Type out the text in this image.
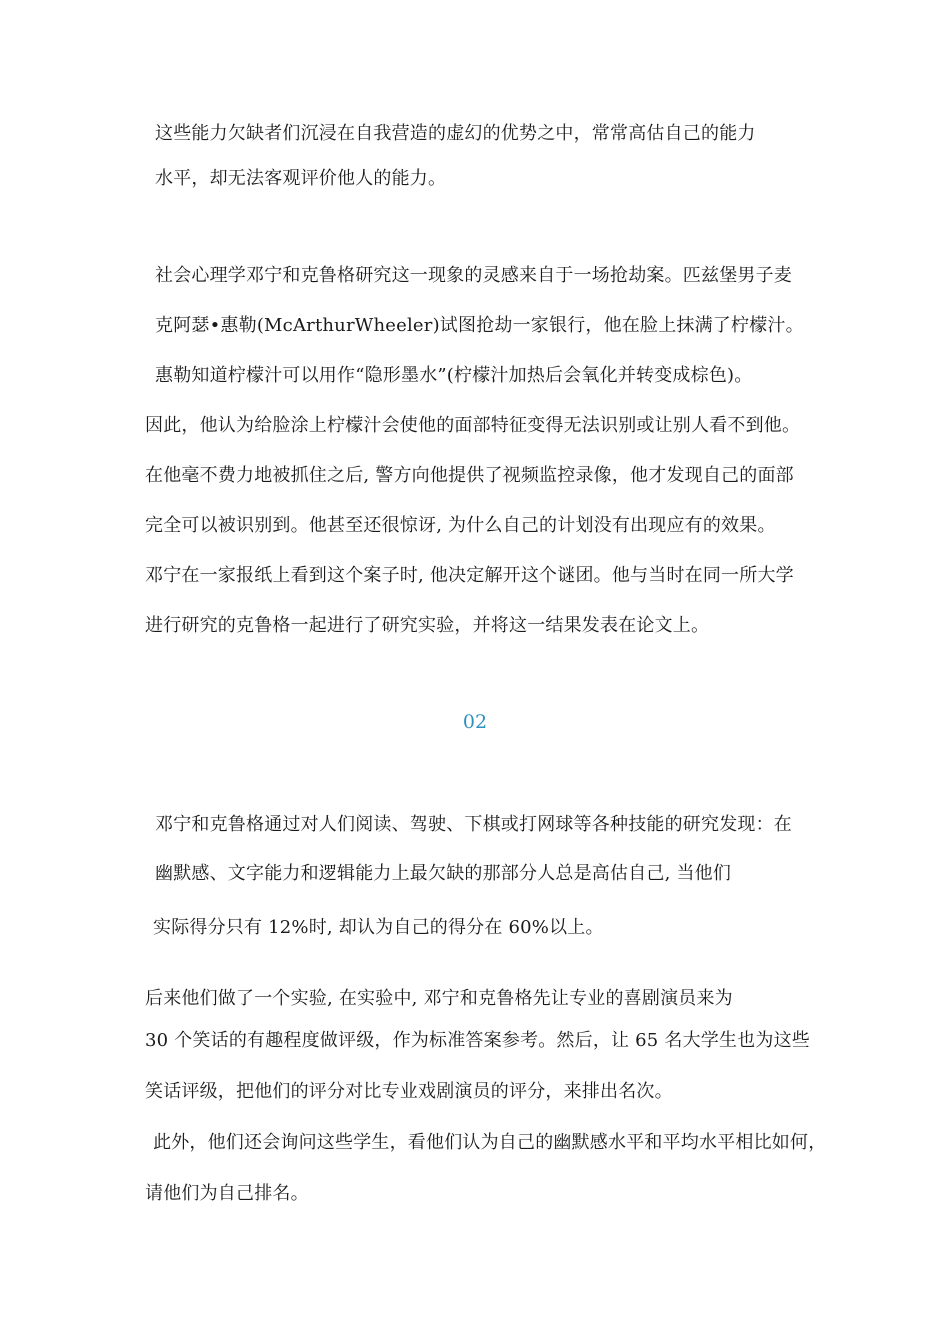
这些能力欠缺者们沉浸在自我营造的虚幻的优势之中，常常高估自己的能力
水平，却无法客观评价他人的能力。
社会心理学邓宁和克鲁格研究这一现象的灵感来自于一场抢劫案。匹兹堡男子麦
克阿瑟•惠勒(McArthurWheeler)试图抢劫一家银行，他在脸上抹满了柠檬汁。
惠勒知道柠檬汁可以用作“隐形墨水”(柠檬汁加热后会氧化并转变成棕色)。
因此，他认为给脸涂上柠檬汁会使他的面部特征变得无法识别或让别人看不到他。
在他毫不费力地被抓住之后, 警方向他提供了视频监控录像，他才发现自己的面部
完全可以被识别到。他甚至还很惊讶, 为什么自己的计划没有出现应有的效果。
邓宁在一家报纸上看到这个案子时, 他决定解开这个谜团。他与当时在同一所大学
进行研究的克鲁格一起进行了研究实验，并将这一结果发表在论文上。
02
邓宁和克鲁格通过对人们阅读、驾驶、下棋或打网球等各种技能的研究发现：在
幽默感、文字能力和逻辑能力上最欠缺的那部分人总是高估自己, 当他们
实际得分只有 12%时, 却认为自己的得分在 60%以上。
后来他们做了一个实验, 在实验中, 邓宁和克鲁格先让专业的喜剧演员来为
30 个笑话的有趣程度做评级，作为标准答案参考。然后，让 65 名大学生也为这些
笑话评级，把他们的评分对比专业戏剧演员的评分，来排出名次。
此外，他们还会询问这些学生，看他们认为自己的幽默感水平和平均水平相比如何，
请他们为自己排名。
